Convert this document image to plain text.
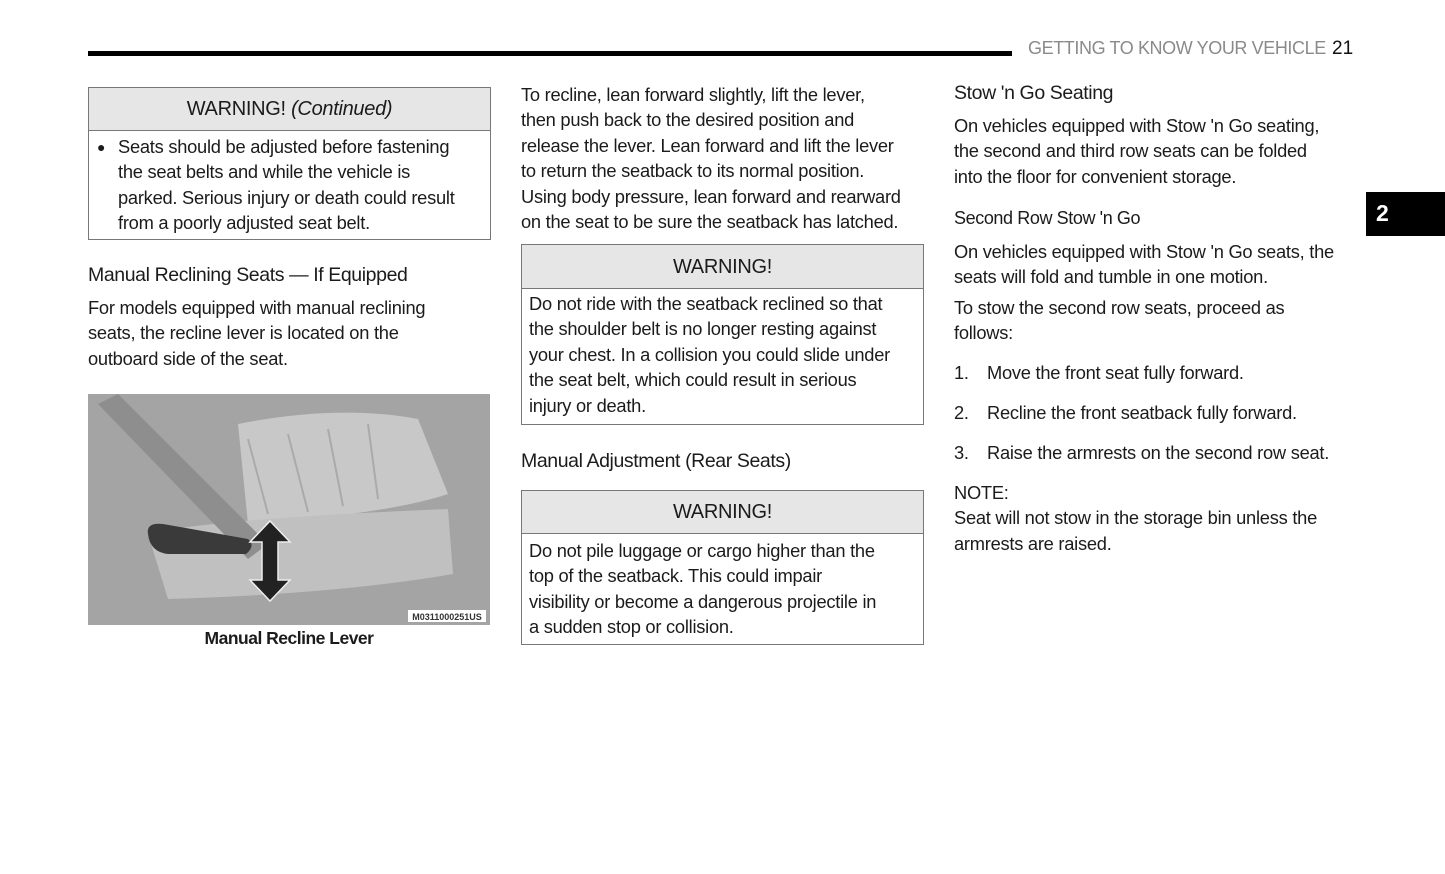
GETTING TO KNOW YOUR VEHICLE 21
2
WARNING! (Continued)
● Seats should be adjusted before fastening
the seat belts and while the vehicle is
parked. Serious injury or death could result
from a poorly adjusted seat belt.
Manual Reclining Seats — If Equipped
For models equipped with manual reclining
seats, the recline lever is located on the
outboard side of the seat.
M0311000251US
Manual Recline Lever
To recline, lean forward slightly, lift the lever,
then push back to the desired position and
release the lever. Lean forward and lift the lever
to return the seatback to its normal position.
Using body pressure, lean forward and rearward
on the seat to be sure the seatback has latched.
WARNING!
Do not ride with the seatback reclined so that
the shoulder belt is no longer resting against
your chest. In a collision you could slide under
the seat belt, which could result in serious
injury or death.
Manual Adjustment (Rear Seats)
WARNING!
Do not pile luggage or cargo higher than the
top of the seatback. This could impair
visibility or become a dangerous projectile in
a sudden stop or collision.
Stow 'n Go Seating
On vehicles equipped with Stow 'n Go seating,
the second and third row seats can be folded
into the floor for convenient storage.
Second Row Stow 'n Go
On vehicles equipped with Stow 'n Go seats, the
seats will fold and tumble in one motion.
To stow the second row seats, proceed as
follows:
1. Move the front seat fully forward.
2. Recline the front seatback fully forward.
3. Raise the armrests on the second row seat.
NOTE:
Seat will not stow in the storage bin unless the
armrests are raised.
